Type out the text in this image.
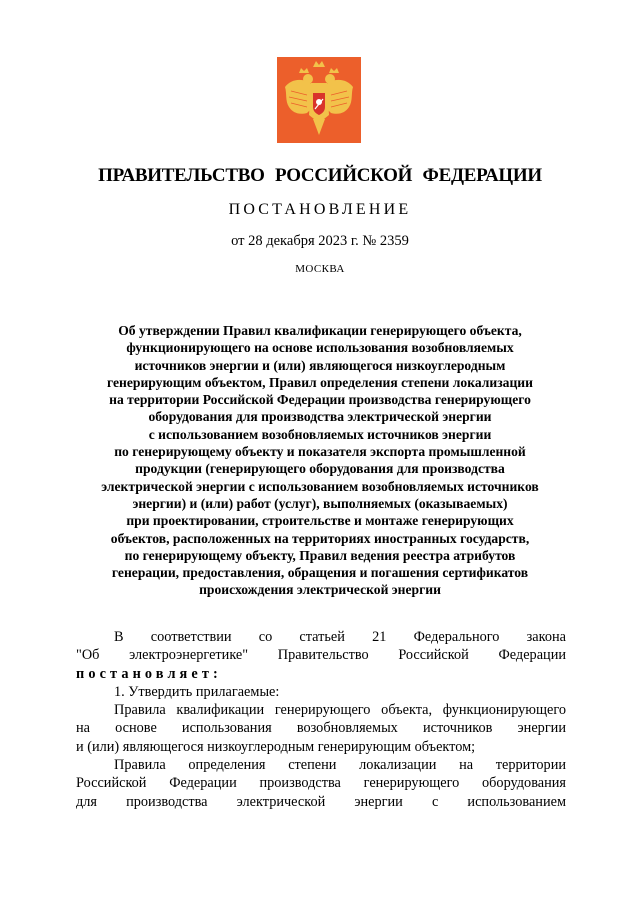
ПРАВИТЕЛЬСТВО РОССИЙСКОЙ ФЕДЕРАЦИИ
ПОСТАНОВЛЕНИЕ
от 28 декабря 2023 г. № 2359
МОСКВА
Об утверждении Правил квалификации генерирующего объекта,
функционирующего на основе использования возобновляемых
источников энергии и (или) являющегося низкоуглеродным
генерирующим объектом, Правил определения степени локализации
на территории Российской Федерации производства генерирующего
оборудования для производства электрической энергии
с использованием возобновляемых источников энергии
по генерирующему объекту и показателя экспорта промышленной
продукции (генерирующего оборудования для производства
электрической энергии с использованием возобновляемых источников
энергии) и (или) работ (услуг), выполняемых (оказываемых)
при проектировании, строительстве и монтаже генерирующих
объектов, расположенных на территориях иностранных государств,
по генерирующему объекту, Правил ведения реестра атрибутов
генерации, предоставления, обращения и погашения сертификатов
происхождения электрической энергии
В соответствии со статьей 21 Федерального закона
"Об электроэнергетике" Правительство Российской Федерации
постановляет:
1. Утвердить прилагаемые:
Правила квалификации генерирующего объекта, функционирующего
на основе использования возобновляемых источников энергии
и (или) являющегося низкоуглеродным генерирующим объектом;
Правила определения степени локализации на территории
Российской Федерации производства генерирующего оборудования
для производства электрической энергии с использованием
